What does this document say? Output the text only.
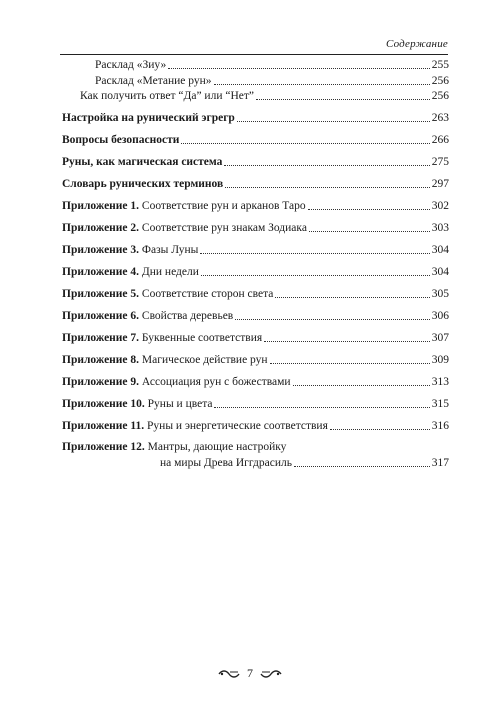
Содержание
Расклад «Зиу»	255
Расклад «Метание рун»	256
Как получить ответ “Да” или “Нет”	256
Настройка на рунический эгрегр	263
Вопросы безопасности	266
Руны, как магическая система	275
Словарь рунических терминов	297
Приложение 1. Соответствие рун и арканов Таро	302
Приложение 2. Соответствие рун знакам Зодиака	303
Приложение 3. Фазы Луны	304
Приложение 4. Дни недели	304
Приложение 5. Соответствие сторон света	305
Приложение 6. Свойства деревьев	306
Приложение 7. Буквенные соответствия	307
Приложение 8. Магическое действие рун	309
Приложение 9. Ассоциация рун с божествами	313
Приложение 10. Руны и цвета	315
Приложение 11. Руны и энергетические соответствия	316
Приложение 12. Мантры, дающие настройку
на миры Древа Иггдрасиль	317
7
